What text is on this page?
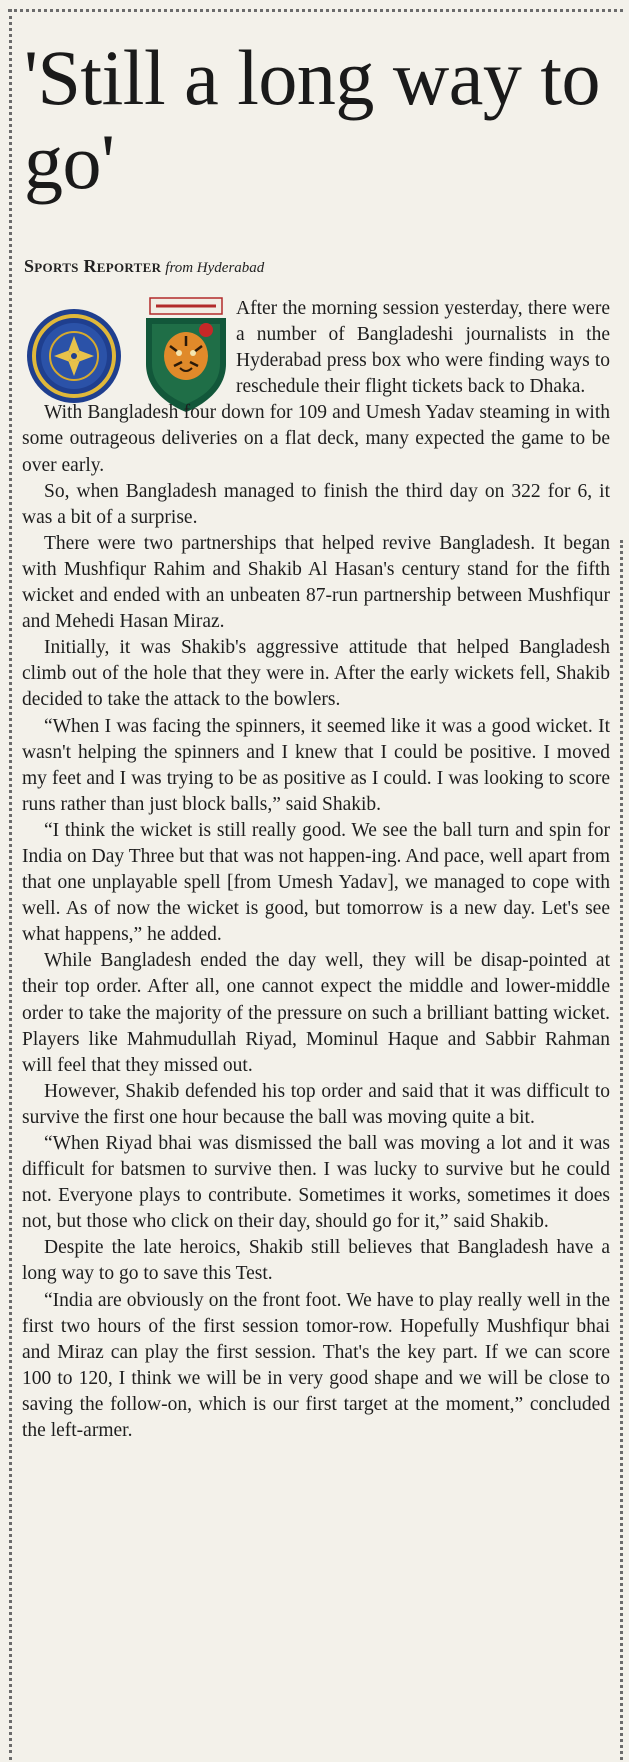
'Still a long way to go'
Sports Reporter from Hyderabad

After the morning session yesterday, there were a number of Bangladeshi journalists in the Hyderabad press box who were finding ways to reschedule their flight tickets back to Dhaka.

With Bangladesh four down for 109 and Umesh Yadav steaming in with some outrageous deliveries on a flat deck, many expected the game to be over early.

So, when Bangladesh managed to finish the third day on 322 for 6, it was a bit of a surprise.

There were two partnerships that helped revive Bangladesh. It began with Mushfiqur Rahim and Shakib Al Hasan's century stand for the fifth wicket and ended with an unbeaten 87-run partnership between Mushfiqur and Mehedi Hasan Miraz.

Initially, it was Shakib's aggressive attitude that helped Bangladesh climb out of the hole that they were in. After the early wickets fell, Shakib decided to take the attack to the bowlers.

“When I was facing the spinners, it seemed like it was a good wicket. It wasn't helping the spinners and I knew that I could be positive. I moved my feet and I was trying to be as positive as I could. I was looking to score runs rather than just block balls,” said Shakib.

“I think the wicket is still really good. We see the ball turn and spin for India on Day Three but that was not happen-ing. And pace, well apart from that one unplayable spell [from Umesh Yadav], we managed to cope with well. As of now the wicket is good, but tomorrow is a new day. Let's see what happens,” he added.

While Bangladesh ended the day well, they will be disap-pointed at their top order. After all, one cannot expect the middle and lower-middle order to take the majority of the pressure on such a brilliant batting wicket. Players like Mahmudullah Riyad, Mominul Haque and Sabbir Rahman will feel that they missed out.

However, Shakib defended his top order and said that it was difficult to survive the first one hour because the ball was moving quite a bit.

“When Riyad bhai was dismissed the ball was moving a lot and it was difficult for batsmen to survive then. I was lucky to survive but he could not. Everyone plays to contribute. Sometimes it works, sometimes it does not, but those who click on their day, should go for it,” said Shakib.

Despite the late heroics, Shakib still believes that Bangladesh have a long way to go to save this Test.

“India are obviously on the front foot. We have to play really well in the first two hours of the first session tomor-row. Hopefully Mushfiqur bhai and Miraz can play the first session. That's the key part. If we can score 100 to 120, I think we will be in very good shape and we will be close to saving the follow-on, which is our first target at the moment,” concluded the left-armer.
